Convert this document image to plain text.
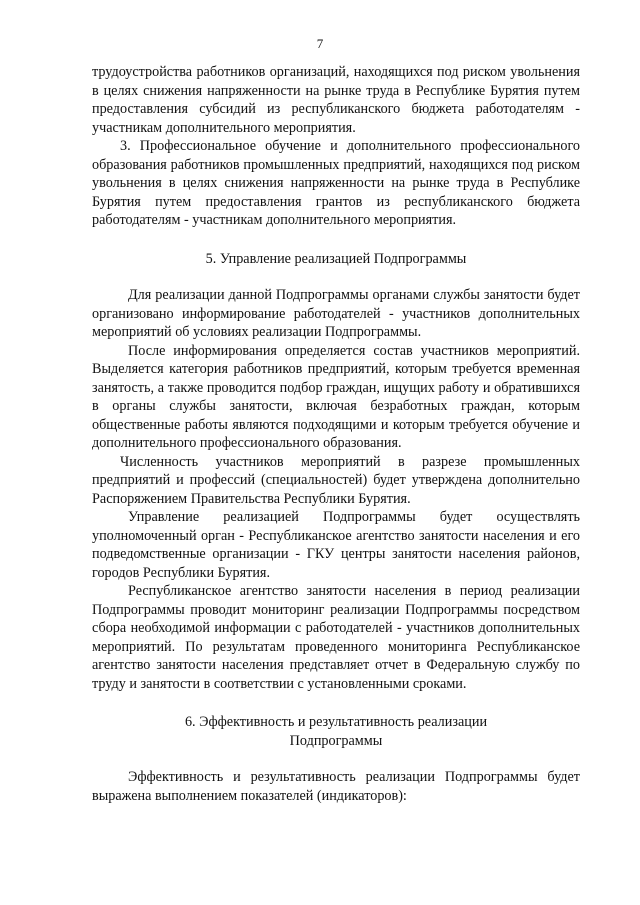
7

трудоустройства работников организаций, находящихся под риском увольнения в целях снижения напряженности на рынке труда в Республике Бурятия путем предоставления субсидий из республиканского бюджета работодателям - участникам дополнительного мероприятия.

3. Профессиональное обучение и дополнительного профессионального образования работников промышленных предприятий, находящихся под риском увольнения в целях снижения напряженности на рынке труда в Республике Бурятия путем предоставления грантов из республиканского бюджета работодателям - участникам дополнительного мероприятия.

5. Управление реализацией Подпрограммы

Для реализации данной Подпрограммы органами службы занятости будет организовано информирование работодателей - участников дополнительных мероприятий об условиях реализации Подпрограммы.

После информирования определяется состав участников мероприятий. Выделяется категория работников предприятий, которым требуется временная занятость, а также проводится подбор граждан, ищущих работу и обратившихся в органы службы занятости, включая безработных граждан, которым общественные работы являются подходящими и которым требуется обучение и дополнительного профессионального образования.

Численность участников мероприятий в разрезе промышленных предприятий и профессий (специальностей) будет утверждена дополнительно Распоряжением Правительства Республики Бурятия.

Управление реализацией Подпрограммы будет осуществлять уполномоченный орган - Республиканское агентство занятости населения и его подведомственные организации - ГКУ центры занятости населения районов, городов Республики Бурятия.

Республиканское агентство занятости населения в период реализации Подпрограммы проводит мониторинг реализации Подпрограммы посредством сбора необходимой информации с работодателей - участников дополнительных мероприятий. По результатам проведенного мониторинга Республиканское агентство занятости населения представляет отчет в Федеральную службу по труду и занятости в соответствии с установленными сроками.

6. Эффективность и результативность реализации

Подпрограммы

Эффективность и результативность реализации Подпрограммы будет выражена выполнением показателей (индикаторов):
